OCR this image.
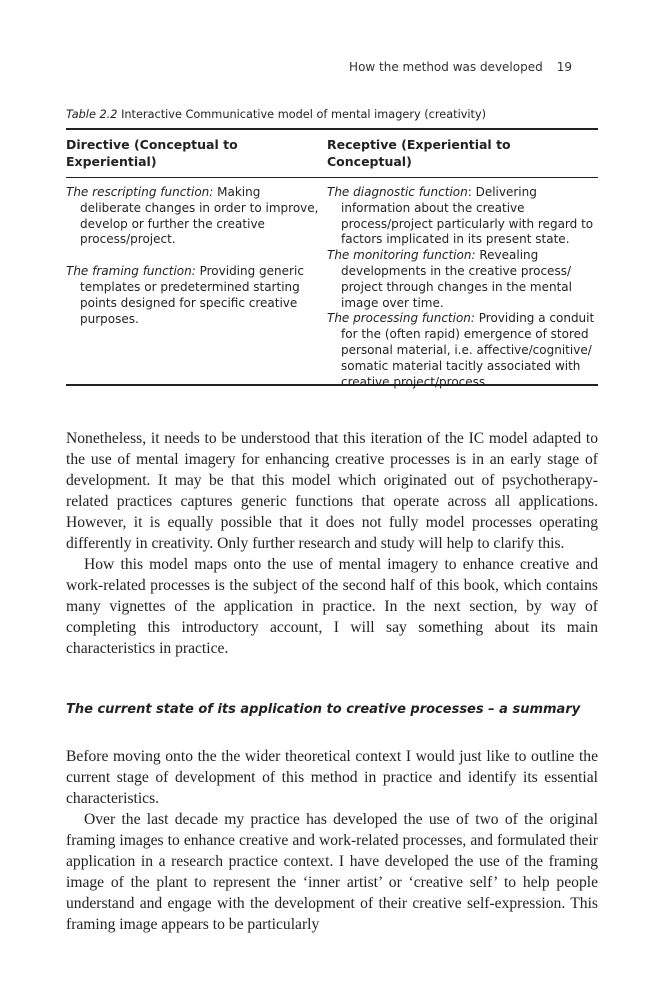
How the method was developed 19
Table 2.2 Interactive Communicative model of mental imagery (creativity)
Directive (Conceptual to Experiential)
Receptive (Experiential to Conceptual)

The rescripting function: Making deliberate changes in order to improve, develop or further the creative process/project.

The framing function: Providing generic templates or predetermined starting points designed for specific creative purposes.

The diagnostic function: Delivering information about the creative process/project particularly with regard to factors implicated in its present state.

The monitoring function: Revealing developments in the creative process/ project through changes in the mental image over time.

The processing function: Providing a conduit for the (often rapid) emergence of stored personal material, i.e. affective/cognitive/ somatic material tacitly associated with creative project/process.

Nonetheless, it needs to be understood that this iteration of the IC model adapted to the use of mental imagery for enhancing creative processes is in an early stage of development. It may be that this model which originated out of psychotherapy-related practices captures generic functions that operate across all applications. However, it is equally possible that it does not fully model processes operating differently in creativity. Only further research and study will help to clarify this.

How this model maps onto the use of mental imagery to enhance creative and work-related processes is the subject of the second half of this book, which contains many vignettes of the application in practice. In the next section, by way of completing this introductory account, I will say something about its main characteristics in practice.

The current state of its application to creative processes – a summary

Before moving onto the the wider theoretical context I would just like to outline the current stage of development of this method in practice and identify its essential characteristics.

Over the last decade my practice has developed the use of two of the original framing images to enhance creative and work-related processes, and formulated their application in a research practice context. I have developed the use of the framing image of the plant to represent the ‘inner artist’ or ‘creative self’ to help people understand and engage with the development of their creative self-expression. This framing image appears to be particularly
